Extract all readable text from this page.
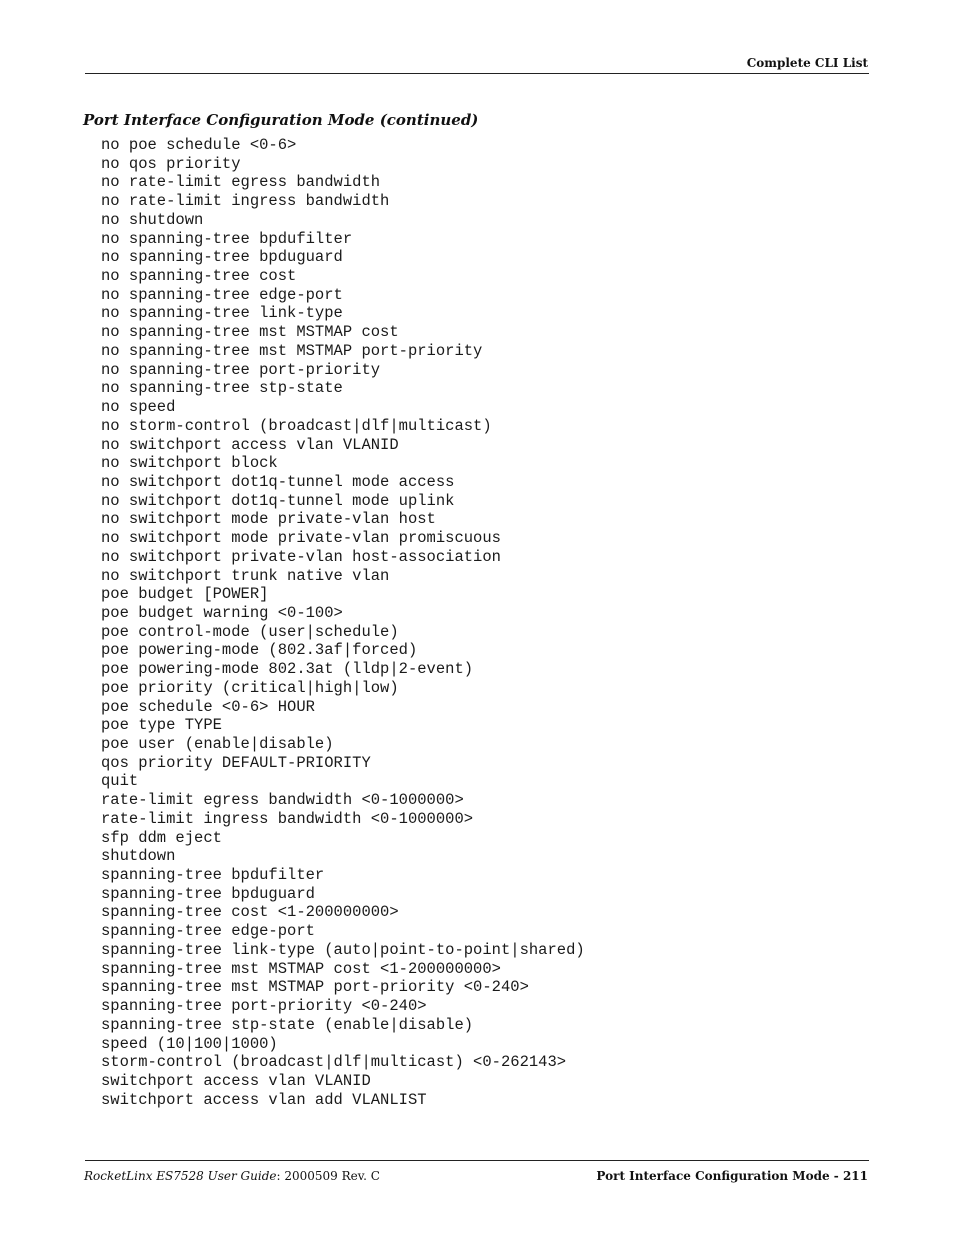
Complete CLI List
Port Interface Configuration Mode (continued)
no poe schedule <0-6>
no qos priority
no rate-limit egress bandwidth
no rate-limit ingress bandwidth
no shutdown
no spanning-tree bpdufilter
no spanning-tree bpduguard
no spanning-tree cost
no spanning-tree edge-port
no spanning-tree link-type
no spanning-tree mst MSTMAP cost
no spanning-tree mst MSTMAP port-priority
no spanning-tree port-priority
no spanning-tree stp-state
no speed
no storm-control (broadcast|dlf|multicast)
no switchport access vlan VLANID
no switchport block
no switchport dot1q-tunnel mode access
no switchport dot1q-tunnel mode uplink
no switchport mode private-vlan host
no switchport mode private-vlan promiscuous
no switchport private-vlan host-association
no switchport trunk native vlan
poe budget [POWER]
poe budget warning <0-100>
poe control-mode (user|schedule)
poe powering-mode (802.3af|forced)
poe powering-mode 802.3at (lldp|2-event)
poe priority (critical|high|low)
poe schedule <0-6> HOUR
poe type TYPE
poe user (enable|disable)
qos priority DEFAULT-PRIORITY
quit
rate-limit egress bandwidth <0-1000000>
rate-limit ingress bandwidth <0-1000000>
sfp ddm eject
shutdown
spanning-tree bpdufilter
spanning-tree bpduguard
spanning-tree cost <1-200000000>
spanning-tree edge-port
spanning-tree link-type (auto|point-to-point|shared)
spanning-tree mst MSTMAP cost <1-200000000>
spanning-tree mst MSTMAP port-priority <0-240>
spanning-tree port-priority <0-240>
spanning-tree stp-state (enable|disable)
speed (10|100|1000)
storm-control (broadcast|dlf|multicast) <0-262143>
switchport access vlan VLANID
switchport access vlan add VLANLIST
RocketLinx ES7528 User Guide: 2000509 Rev. C	Port Interface Configuration Mode - 211
